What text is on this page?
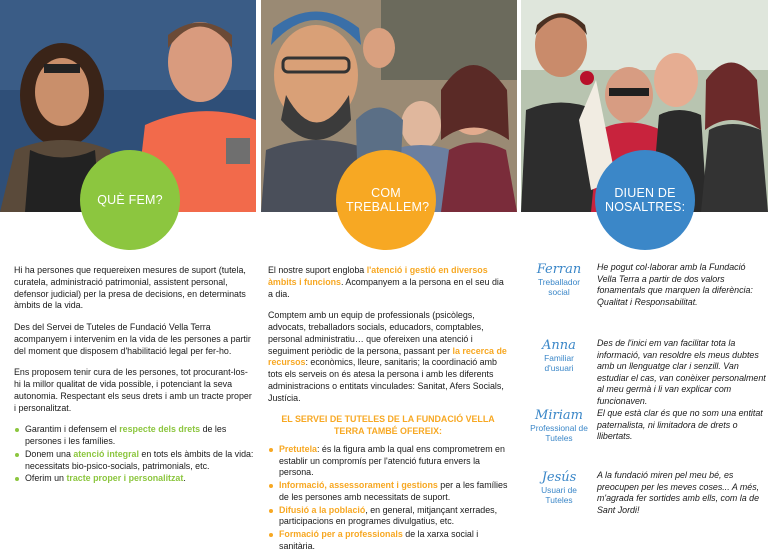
QUÈ FEM?	COM TREBALLEM?
DIUEN DE NOSALTRES:

Hi ha persones que requereixen mesures de suport (tutela, curatela, administració patrimonial, assistent personal, defensor judicial) per la presa de decisions, en determinats àmbits de la vida.

Des del Servei de Tuteles de Fundació Vella Terra acompanyem i intervenim en la vida de les persones a partir del moment que disposem d'habilitació legal per fer-ho.

Ens proposem tenir cura de les persones, tot procurant-los-hi la millor qualitat de vida possible, i potenciant la seva autonomia. Respectant els seus drets i amb un tracte proper i personalitzat.

Garantim i defensem el respecte dels drets de les persones i les famílies.
Donem una atenció integral en tots els àmbits de la vida: necessitats bio-psico-socials, patrimonials, etc.
Oferim un tracte proper i personalitzat.

El nostre suport engloba l'atenció i gestió en diversos àmbits i funcions. Acompanyem a la persona en el seu dia a dia.

Comptem amb un equip de professionals (psicòlegs, advocats, treballadors socials, educadors, comptables, personal administratiu… que ofereixen una atenció i seguiment periòdic de la persona, passant per la recerca de recursos: econòmics, lleure, sanitaris; la coordinació amb tots els serveis on és atesa la persona i amb les diferents administracions o entitats vinculades: Sanitat, Afers Socials, Justícia.

EL SERVEI DE TUTELES DE LA FUNDACIÓ VELLA TERRA TAMBÉ OFEREIX:
Pretutela: és la figura amb la qual ens comprometrem en establir un compromís per l'atenció futura envers la persona.
Informació, assessorament i gestions per a les famílies de les persones amb necessitats de suport.
Difusió a la població, en general, mitjançant xerrades, participacions en programes divulgatius, etc.
Formació per a professionals de la xarxa social i sanitària.
Ferran
Treballador social
He pogut col·laborar amb la Fundació Vella Terra a partir de dos valors fonamentals que marquen la diferència: Qualitat i Responsabilitat.
Anna
Familiar d'usuari
Des de l'inici em van facilitar tota la informació, van resoldre els meus dubtes amb un llenguatge clar i senzill. Van estudiar el cas, van conèixer personalment al meu germà i li van explicar com funcionaven.
Miriam
Professional de Tuteles
El que està clar és que no som una entitat paternalista, ni limitadora de drets o llibertats.
Jesús
Usuari de Tuteles
A la fundació miren pel meu bé, es preocupen per les meves coses... A més, m'agrada fer sortides amb ells, com la de Sant Jordi!
